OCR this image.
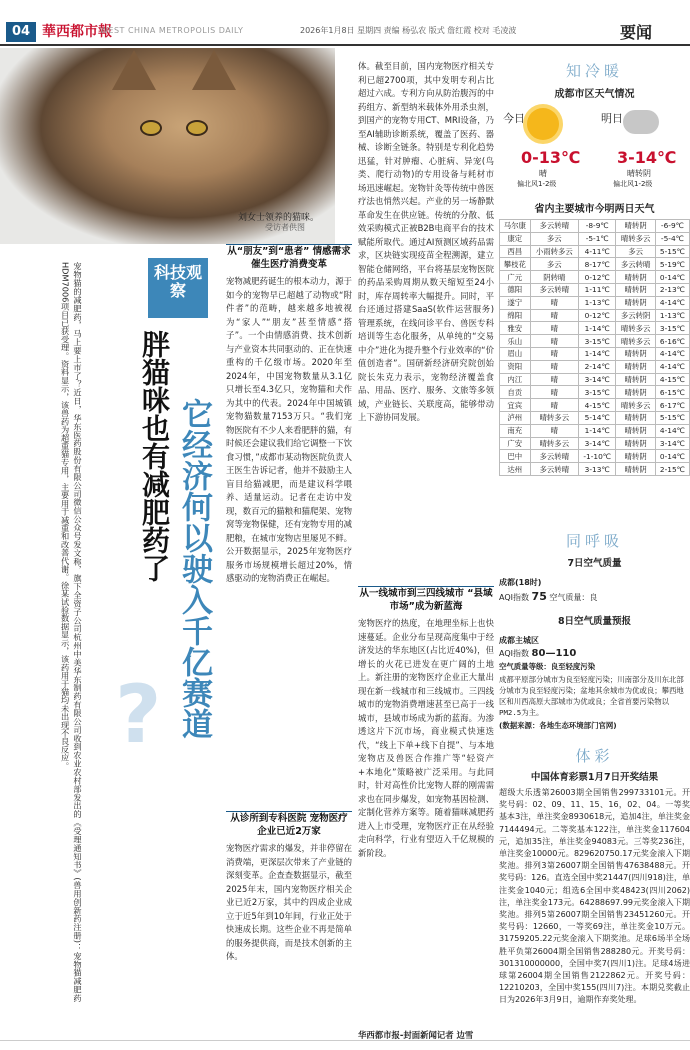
04 華西都市報
WEST CHINA METROPOLIS DAILY	2026年1月8日 星期四 责编 杨弘农 版式 詹红霞 校对 毛凌波	要闻
刘女士领养的猫咪。
受访者供图
宠物猫的减肥药，马上要上市了？近日，华东医药股份有限公司微信公众号发文称，旗下全资子公司杭州中美华东制药有限公司收到农业农村部发出的《受理通知书》(兽用创新药注册)：宠物猫减肥药HDM7006项目已获受理。资料显示，该兽药为超重猫专用，主要用于减重和改善代谢。徐某试验数据显示，该药用于猫均未出现不良反应。	科技观察
胖猫咪也有减肥药了 它经济何以驶入千亿赛道
?
从“朋友”到“患者” 情感需求催生医疗消费变革
宠物减肥药诞生的根本动力，源于如今的宠物早已超越了动物或“附件者”的范畴，越来越多地被视为“家人”“朋友”甚至情感“搭子”。一个由情感消费、技术创新与产业资本共同驱动的、正在快速重构的千亿级市场。2020年至2024年，中国宠物数量从3.1亿只增长至4.3亿只，宠物猫和犬作为其中的代表。2024年中国城镇宠物猫数量7153万只。“我们宠物医院有不少人来看肥胖的猫，有时候还会建议我们给它调整一下饮食习惯，”成都市某动物医院负责人王医生告诉记者，他并不鼓励主人盲目给猫减肥，而是建议科学喂养、适量运动。记者在走访中发现，数百元的猫粮和猫爬架、宠物窝等宠物保健，还有宠物专用的减肥粮，在城市宠物店里屡见不鲜。公开数据显示，2025年宠物医疗服务市场规模增长超过20%，情感驱动的宠物消费正在崛起。
从诊所到专科医院 宠物医疗企业已近2万家
宠物医疗需求的爆发，并非停留在消费端，更深层次带来了产业链的深刻变革。企查查数据显示，截至2025年末，国内宠物医疗相关企业已近2万家，其中约四成企业成立于近5年到10年间，行业正处于快速成长期。这些企业不再是简单的服务提供商，而是技术创新的主体。
体。截至目前，国内宠物医疗相关专利已超2700项，其中发明专利占比超过六成。专利方向从防治腹泻的中药组方、新型纳米载体外用杀虫剂，到国产的宠物专用CT、MRI设备，乃至AI辅助诊断系统，覆盖了医药、器械、诊断全链条。特别是专利化趋势迅猛，针对肿瘤、心脏病、异宠(鸟类、爬行动物)的专用设备与耗材市场迅速崛起。宠物针灸等传统中兽医疗法也悄然兴起。产业的另一场静默革命发生在供应链。传统的分散、低效采购模式正被B2B电商平台的技术赋能所取代。通过AI预测区域药品需求，区块链实现疫苗全程溯源，建立智能仓储网络，平台将基层宠物医院的药品采购周期从数天缩短至24小时，库存周转率大幅提升。同时，平台还通过搭建SaaS(软件运营服务)管理系统，在线问诊平台、兽医专科培训等生态化服务，从单纯的“交易中介”进化为提升整个行业效率的“价值创造者”。国研新经济研究院创始院长朱克力表示，宠物经济覆盖食品、用品、医疗、服务、文旅等多领域，产业链长、关联度高，能够带动上下游协同发展。
从一线城市到三四线城市 “县域市场”成为新蓝海
宠物医疗的热度，在地理坐标上也快速蔓延。企业分布呈现高度集中于经济发达的华东地区(占比近40%)，但增长的火花已进发在更广阔的土地上。新注册的宠物医疗企业正大量出现在新一线城市和三线城市。三四线城市的宠物消费增速甚至已高于一线城市，县域市场成为新的蓝海。为渗透这片下沉市场，商业模式快速迭代，“线上下单+线下自提”、与本地宠物店及兽医合作推广等“轻资产+本地化”策略被广泛采用。与此同时，针对高性价比宠物人群的刚需需求也在同步爆发，如宠物基因检测、定制化营养方案等。随着猫咪减肥药进入上市受理，宠物医疗正在从经验走向科学，行业有望迈入千亿规模的新阶段。
华西都市报-封面新闻记者 边雪
知冷暖
成都市区天气情况
今日
0-13℃
晴
偏北风1-2级
明日
3-14℃
晴转阴
偏北风1-2级
省内主要城市今明两日天气
马尔康	多云转晴	-8-9℃	晴转阴	-6-9℃
康定	多云	-5-1℃	晴转多云	-5-4℃
西昌	小雨转多云	4-11℃	多云	5-15℃
攀枝花	多云	8-17℃	多云转晴	5-19℃
广元	阴转晴	0-12℃	晴转阴	0-14℃
德阳	多云转晴	1-11℃	晴转阴	2-13℃
遂宁	晴	1-13℃	晴转阴	4-14℃
绵阳	晴	0-12℃	多云转阴	1-13℃
雅安	晴	1-14℃	晴转多云	3-15℃
乐山	晴	3-15℃	晴转多云	6-16℃
眉山	晴	1-14℃	晴转阴	4-14℃
资阳	晴	2-14℃	晴转阴	4-14℃
内江	晴	3-14℃	晴转阴	4-15℃
自贡	晴	3-15℃	晴转阴	6-15℃
宜宾	晴	4-15℃	晴转多云	6-17℃
泸州	晴转多云	5-14℃	晴转阴	5-15℃
南充	晴	1-14℃	晴转阴	4-14℃
广安	晴转多云	3-14℃	晴转阴	3-14℃
巴中	多云转晴	-1-10℃	晴转阴	0-14℃
达州	多云转晴	3-13℃	晴转阴	2-15℃
同呼吸
7日空气质量
成都(18时)
AQI指数 75 空气质量：良
8日空气质量预报
成都主城区
AQI指数 80—110
空气质量等级：良至轻度污染
成都平原部分城市为良至轻度污染；川南部分及川东北部分城市为良至轻度污染；盆地其余城市为优或良；攀西地区和川西高原大部城市为优或良；全省首要污染物以PM2.5为主。
(数据来源：各地生态环境部门官网)
体彩
中国体育彩票1月7日开奖结果
超级大乐透第26003期全国销售299733101元。开奖号码：02、09、11、15、16，02、04。一等奖基本3注，单注奖金8930618元，追加4注，单注奖金7144494元。二等奖基本122注，单注奖金117604元，追加35注，单注奖金94083元。三等奖236注，单注奖金10000元。829620750.17元奖金滚入下期奖池。排列3第26007期全国销售47638488元。开奖号码：126。直选全国中奖21447(四川918)注，单注奖金1040元；组选6全国中奖48423(四川2062)注，单注奖金173元。64288697.99元奖金滚入下期奖池。排列5第26007期全国销售23451260元。开奖号码：12660，一等奖69注，单注奖金10万元。31759205.22元奖金滚入下期奖池。足球6场半全场胜平负第26004期全国销售288280元。开奖号码：301310000000，全国中奖7(四川1)注。足球4场进球第26004期全国销售2122862元。开奖号码：12210203，全国中奖155(四川7)注。本期兑奖截止日为2026年3月9日，逾期作弃奖处理。
